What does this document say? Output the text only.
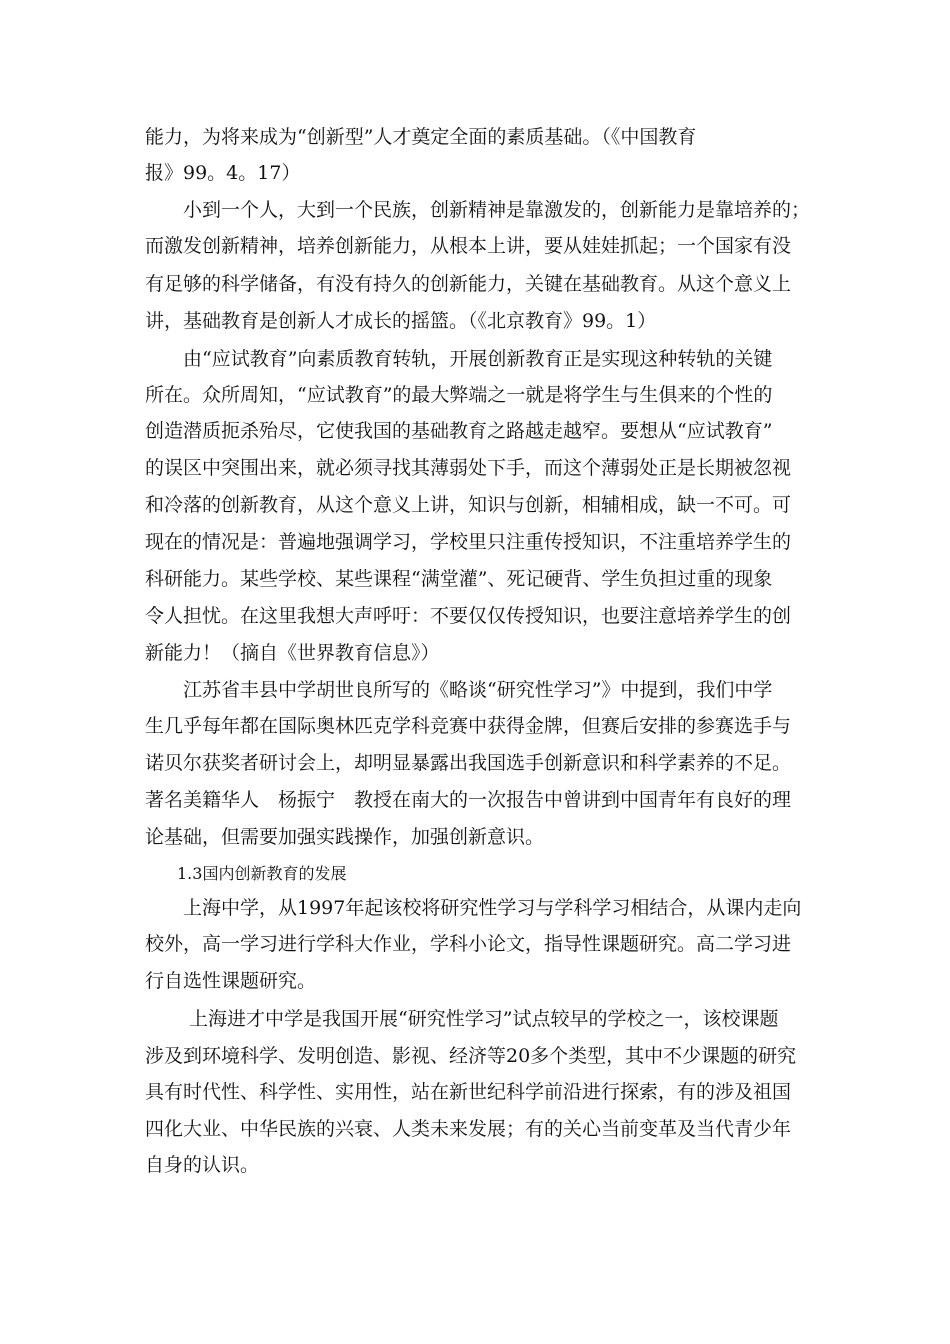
能力，为将来成为“创新型”人才奠定全面的素质基础。（《中国教育
报》99。4。17）
　　小到一个人，大到一个民族，创新精神是靠激发的，创新能力是靠培养的；
而激发创新精神，培养创新能力，从根本上讲，要从娃娃抓起；一个国家有没
有足够的科学储备，有没有持久的创新能力，关键在基础教育。从这个意义上
讲，基础教育是创新人才成长的摇篮。（《北京教育》99。1）
　　由“应试教育”向素质教育转轨，开展创新教育正是实现这种转轨的关键
所在。众所周知，“应试教育”的最大弊端之一就是将学生与生俱来的个性的
创造潜质扼杀殆尽，它使我国的基础教育之路越走越窄。要想从“应试教育”
的误区中突围出来，就必须寻找其薄弱处下手，而这个薄弱处正是长期被忽视
和冷落的创新教育，从这个意义上讲，知识与创新，相辅相成，缺一不可。可
现在的情况是：普遍地强调学习，学校里只注重传授知识，不注重培养学生的
科研能力。某些学校、某些课程“满堂灌”、死记硬背、学生负担过重的现象
令人担忧。在这里我想大声呼吁：不要仅仅传授知识，也要注意培养学生的创
新能力！（摘自《世界教育信息》）
　　江苏省丰县中学胡世良所写的《略谈“研究性学习”》中提到，我们中学
生几乎每年都在国际奥林匹克学科竞赛中获得金牌，但赛后安排的参赛选手与
诺贝尔获奖者研讨会上，却明显暴露出我国选手创新意识和科学素养的不足。
著名美籍华人　杨振宁　教授在南大的一次报告中曾讲到中国青年有良好的理
论基础，但需要加强实践操作，加强创新意识。
　　1.3国内创新教育的发展
　　上海中学，从1997年起该校将研究性学习与学科学习相结合，从课内走向
校外，高一学习进行学科大作业，学科小论文，指导性课题研究。高二学习进
行自选性课题研究。
　　 上海进才中学是我国开展“研究性学习”试点较早的学校之一，该校课题
涉及到环境科学、发明创造、影视、经济等20多个类型，其中不少课题的研究
具有时代性、科学性、实用性，站在新世纪科学前沿进行探索，有的涉及祖国
四化大业、中华民族的兴衰、人类未来发展；有的关心当前变革及当代青少年
自身的认识。
